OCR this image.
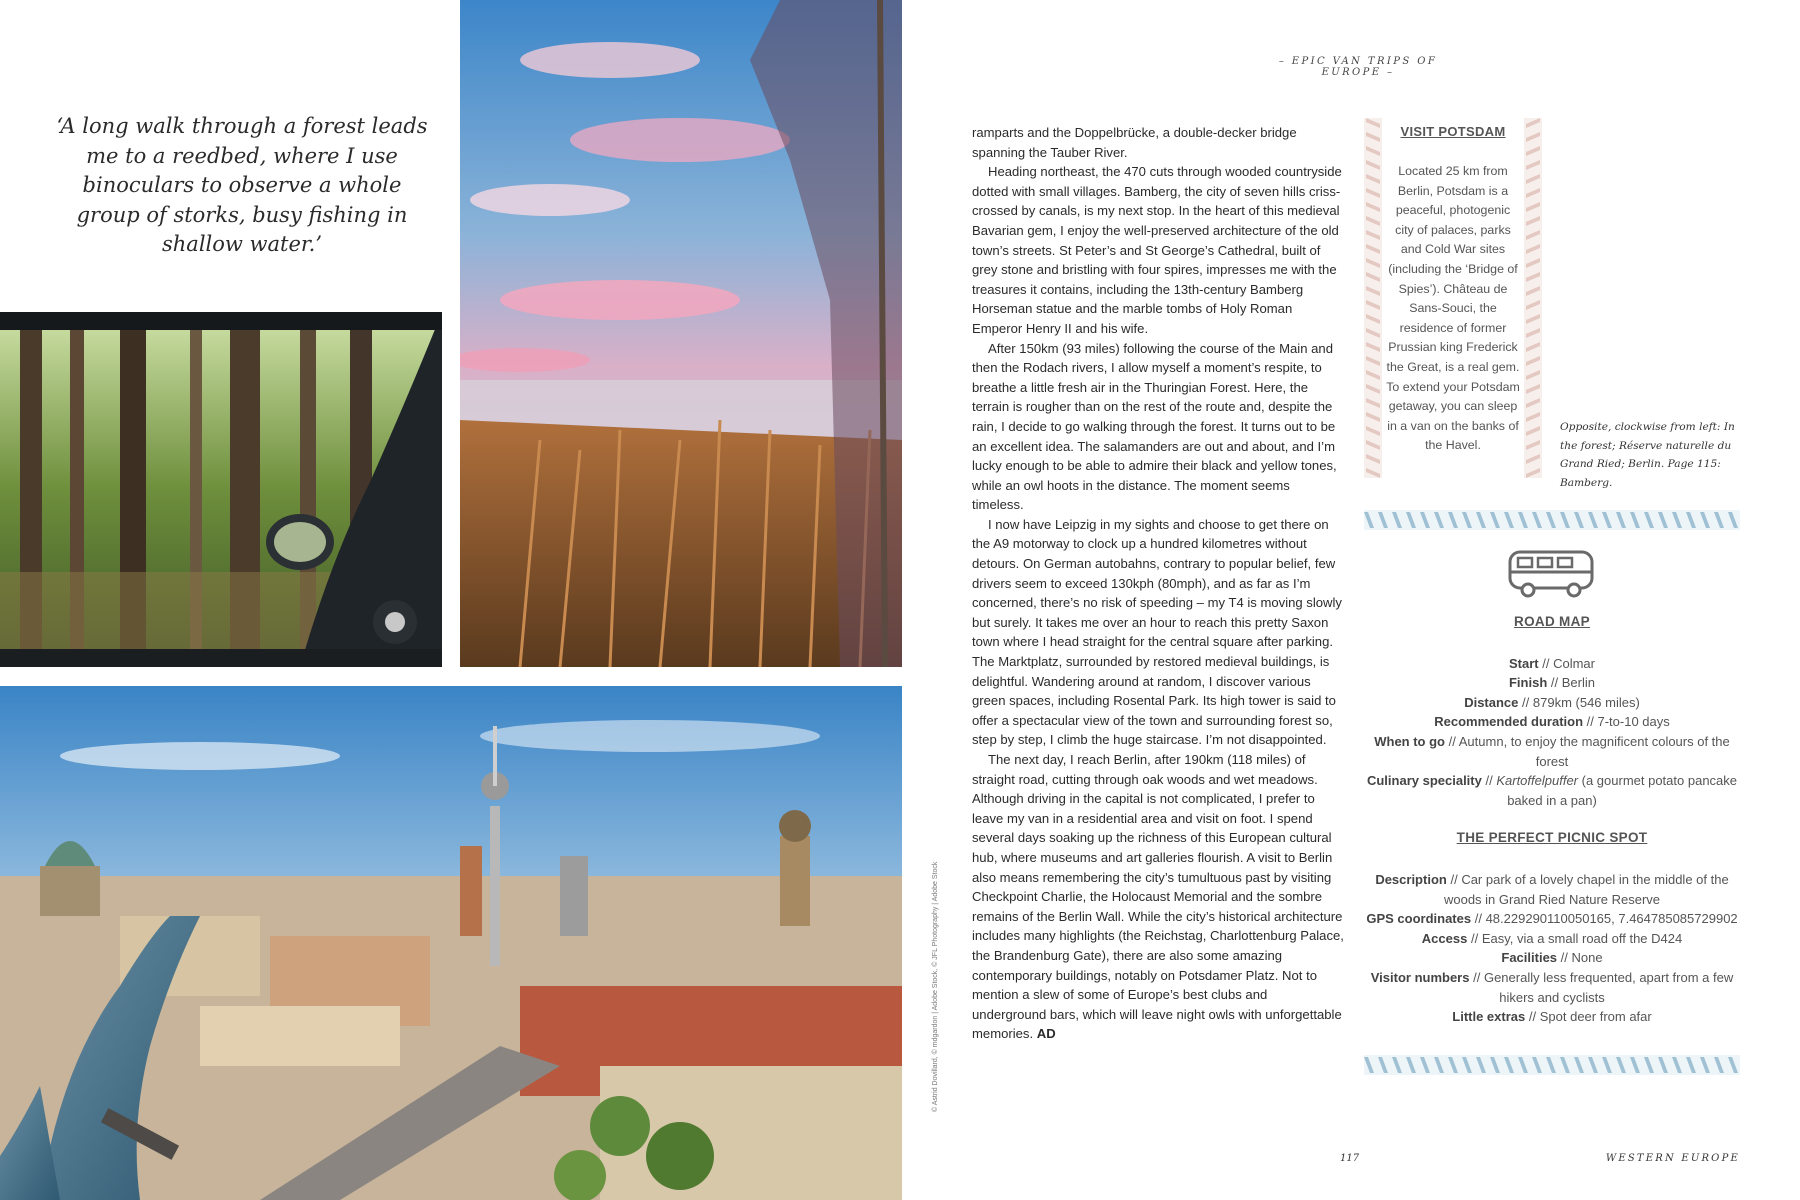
‘A long walk through a forest leads me to a reedbed, where I use binoculars to observe a whole group of storks, busy fishing in shallow water.’
© Astrid Dovillard, © mdgardon | Adobe Stock, © JFL Photography | Adobe Stock
– EPIC VAN TRIPS OF EUROPE –

ramparts and the Doppelbrücke, a double-decker bridge spanning the Tauber River.

Heading northeast, the 470 cuts through wooded countryside dotted with small villages. Bamberg, the city of seven hills criss-crossed by canals, is my next stop. In the heart of this medieval Bavarian gem, I enjoy the well-preserved architecture of the old town’s streets. St Peter’s and St George’s Cathedral, built of grey stone and bristling with four spires, impresses me with the treasures it contains, including the 13th-century Bamberg Horseman statue and the marble tombs of Holy Roman Emperor Henry II and his wife.

After 150km (93 miles) following the course of the Main and then the Rodach rivers, I allow myself a moment’s respite, to breathe a little fresh air in the Thuringian Forest. Here, the terrain is rougher than on the rest of the route and, despite the rain, I decide to go walking through the forest. It turns out to be an excellent idea. The salamanders are out and about, and I’m lucky enough to be able to admire their black and yellow tones, while an owl hoots in the distance. The moment seems timeless.

I now have Leipzig in my sights and choose to get there on the A9 motorway to clock up a hundred kilometres without detours. On German autobahns, contrary to popular belief, few drivers seem to exceed 130kph (80mph), and as far as I’m concerned, there’s no risk of speeding – my T4 is moving slowly but surely. It takes me over an hour to reach this pretty Saxon town where I head straight for the central square after parking. The Marktplatz, surrounded by restored medieval buildings, is delightful. Wandering around at random, I discover various green spaces, including Rosental Park. Its high tower is said to offer a spectacular view of the town and surrounding forest so, step by step, I climb the huge staircase. I’m not disappointed.

The next day, I reach Berlin, after 190km (118 miles) of straight road, cutting through oak woods and wet meadows. Although driving in the capital is not complicated, I prefer to leave my van in a residential area and visit on foot. I spend several days soaking up the richness of this European cultural hub, where museums and art galleries flourish. A visit to Berlin also means remembering the city’s tumultuous past by visiting Checkpoint Charlie, the Holocaust Memorial and the sombre remains of the Berlin Wall. While the city’s historical architecture includes many highlights (the Reichstag, Charlottenburg Palace, the Brandenburg Gate), there are also some amazing contemporary buildings, notably on Potsdamer Platz. Not to mention a slew of some of Europe’s best clubs and underground bars, which will leave night owls with unforgettable memories. AD

VISIT POTSDAM
Located 25 km from Berlin, Potsdam is a peaceful, photogenic city of palaces, parks and Cold War sites (including the ‘Bridge of Spies’). Château de Sans-Souci, the residence of former Prussian king Frederick the Great, is a real gem. To extend your Potsdam getaway, you can sleep in a van on the banks of the Havel.
Opposite, clockwise from left: In the forest; Réserve naturelle du Grand Ried; Berlin. Page 115: Bamberg.
ROAD MAP
Start // Colmar
Finish // Berlin
Distance // 879km (546 miles)
Recommended duration // 7-to-10 days
When to go // Autumn, to enjoy the magnificent colours of the forest
Culinary speciality // Kartoffelpuffer (a gourmet potato pancake baked in a pan)
THE PERFECT PICNIC SPOT
Description // Car park of a lovely chapel in the middle of the woods in Grand Ried Nature Reserve
GPS coordinates // 48.229290110050165, 7.464785085729902
Access // Easy, via a small road off the D424
Facilities // None
Visitor numbers // Generally less frequented, apart from a few hikers and cyclists
Little extras // Spot deer from afar
117	WESTERN EUROPE
